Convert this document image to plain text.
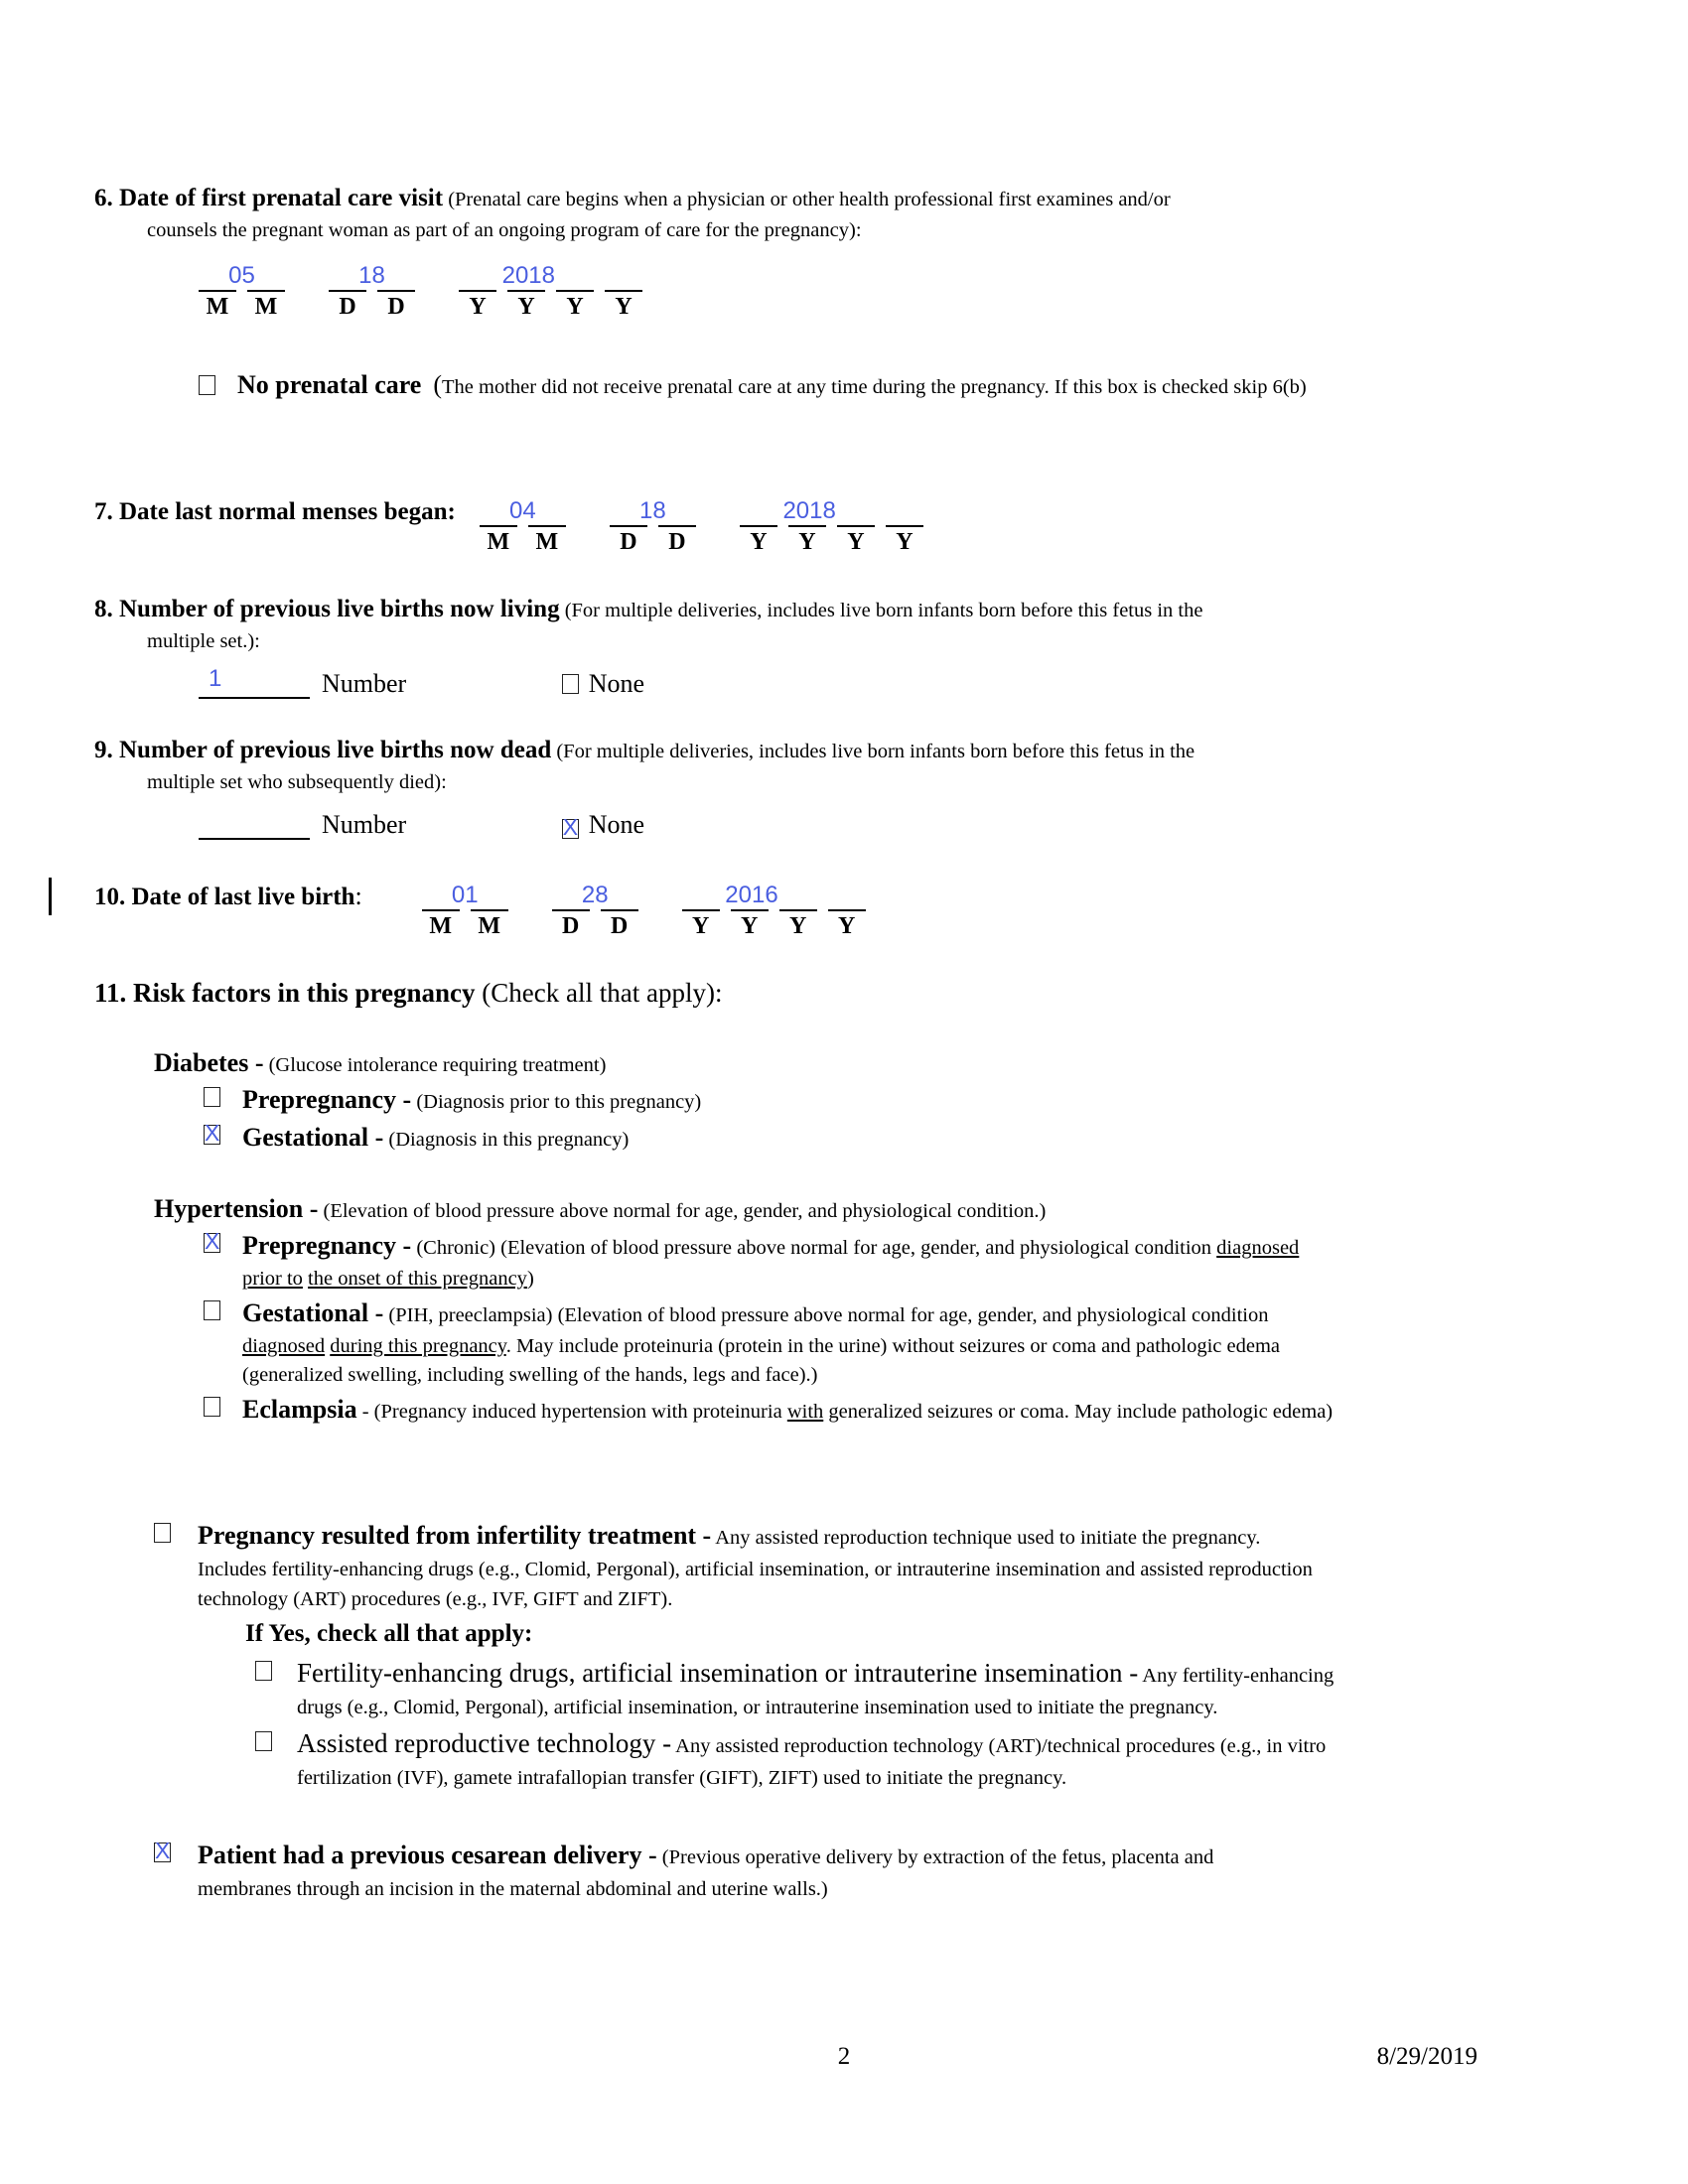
6. Date of first prenatal care visit (Prenatal care begins when a physician or other health professional first examines and/or
counsels the pregnant woman as part of an ongoing program of care for the pregnancy):
05
M	M
18
D	D
2018
Y	Y	Y	Y
No prenatal care (The mother did not receive prenatal care at any time during the pregnancy. If this box is checked skip 6(b)
7. Date last normal menses began: 04
M	M
18
D	D
2018
Y	Y	Y	Y
8. Number of previous live births now living (For multiple deliveries, includes live born infants born before this fetus in the
multiple set.):
1	Number	None
9. Number of previous live births now dead (For multiple deliveries, includes live born infants born before this fetus in the
multiple set who subsequently died):
Number	X None
10. Date of last live birth:	01
M	M
28
D	D
2016
Y	Y	Y	Y
11. Risk factors in this pregnancy (Check all that apply):
Diabetes - (Glucose intolerance requiring treatment)
Prepregnancy - (Diagnosis prior to this pregnancy)
X Gestational - (Diagnosis in this pregnancy)
Hypertension - (Elevation of blood pressure above normal for age, gender, and physiological condition.)
X Prepregnancy - (Chronic) (Elevation of blood pressure above normal for age, gender, and physiological condition diagnosed
prior to the onset of this pregnancy)
Gestational - (PIH, preeclampsia) (Elevation of blood pressure above normal for age, gender, and physiological condition
diagnosed during this pregnancy. May include proteinuria (protein in the urine) without seizures or coma and pathologic edema
(generalized swelling, including swelling of the hands, legs and face).)
Eclampsia - (Pregnancy induced hypertension with proteinuria with generalized seizures or coma. May include pathologic edema)
Pregnancy resulted from infertility treatment - Any assisted reproduction technique used to initiate the pregnancy.
Includes fertility-enhancing drugs (e.g., Clomid, Pergonal), artificial insemination, or intrauterine insemination and assisted reproduction
technology (ART) procedures (e.g., IVF, GIFT and ZIFT).
If Yes, check all that apply:
Fertility-enhancing drugs, artificial insemination or intrauterine insemination - Any fertility-enhancing
drugs (e.g., Clomid, Pergonal), artificial insemination, or intrauterine insemination used to initiate the pregnancy.
Assisted reproductive technology - Any assisted reproduction technology (ART)/technical procedures (e.g., in vitro
fertilization (IVF), gamete intrafallopian transfer (GIFT), ZIFT) used to initiate the pregnancy.
X Patient had a previous cesarean delivery - (Previous operative delivery by extraction of the fetus, placenta and
membranes through an incision in the maternal abdominal and uterine walls.)
2	8/29/2019
